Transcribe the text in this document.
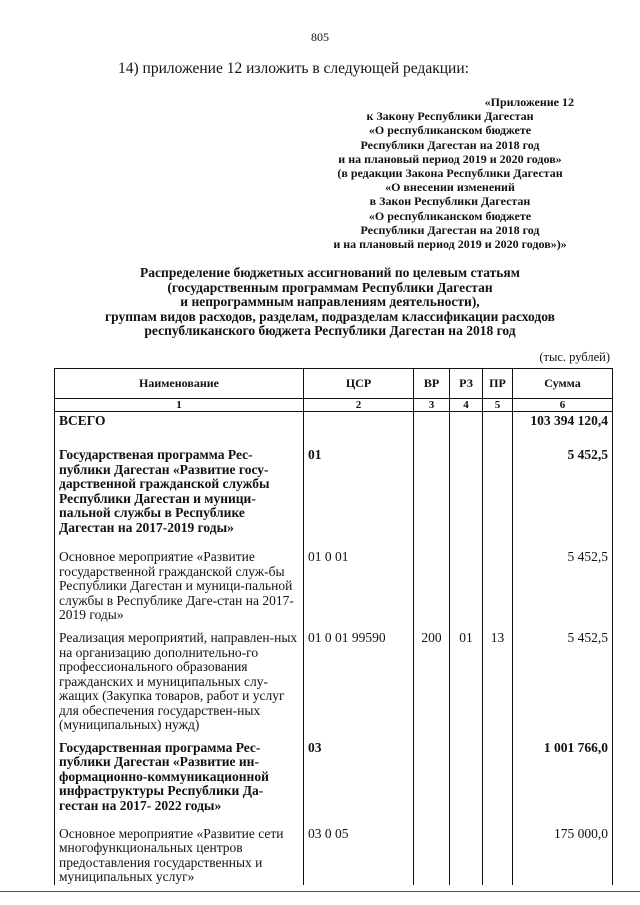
805
14) приложение 12 изложить в следующей редакции:
«Приложение 12
к Закону Республики Дагестан
«О республиканском бюджете
Республики Дагестан на 2018 год
и на плановый период 2019 и 2020 годов»
(в редакции Закона Республики Дагестан
«О внесении изменений
в Закон Республики Дагестан
«О республиканском бюджете
Республики Дагестан на 2018 год
и на плановый период 2019 и 2020 годов»)»
Распределение бюджетных ассигнований по целевым статьям
(государственным программам Республики Дагестан
и непрограммным направлениям деятельности),
группам видов расходов, разделам, подразделам классификации расходов
республиканского бюджета Республики Дагестан на 2018 год
(тыс. рублей)
Наименование	ЦСР	ВР	РЗ	ПР	Сумма
1	2	3	4	5	6
ВСЕГО					103 394 120,4
Государственая программа Рес-публики Дагестан «Развитие госу-дарственной гражданской службы Республики Дагестан и муници-пальной службы в Республике Дагестан на 2017-2019 годы»	01				5 452,5
Основное мероприятие «Развитие государственной гражданской служ-бы Республики Дагестан и муници-пальной службы в Республике Даге-стан на 2017-2019 годы»	01 0 01				5 452,5
Реализация мероприятий, направлен-ных на организацию дополнительно-го профессионального образования гражданских и муниципальных слу-жащих (Закупка товаров, работ и услуг для обеспечения государствен-ных (муниципальных) нужд)	01 0 01 99590	200	01	13	5 452,5
Государственная программа Рес-публики Дагестан «Развитие ин-формационно-коммуникационной инфраструктуры Республики Да-гестан на 2017- 2022 годы»	03				1 001 766,0
Основное мероприятие «Развитие сети многофункциональных центров предоставления государственных и муниципальных услуг»	03 0 05				175 000,0
